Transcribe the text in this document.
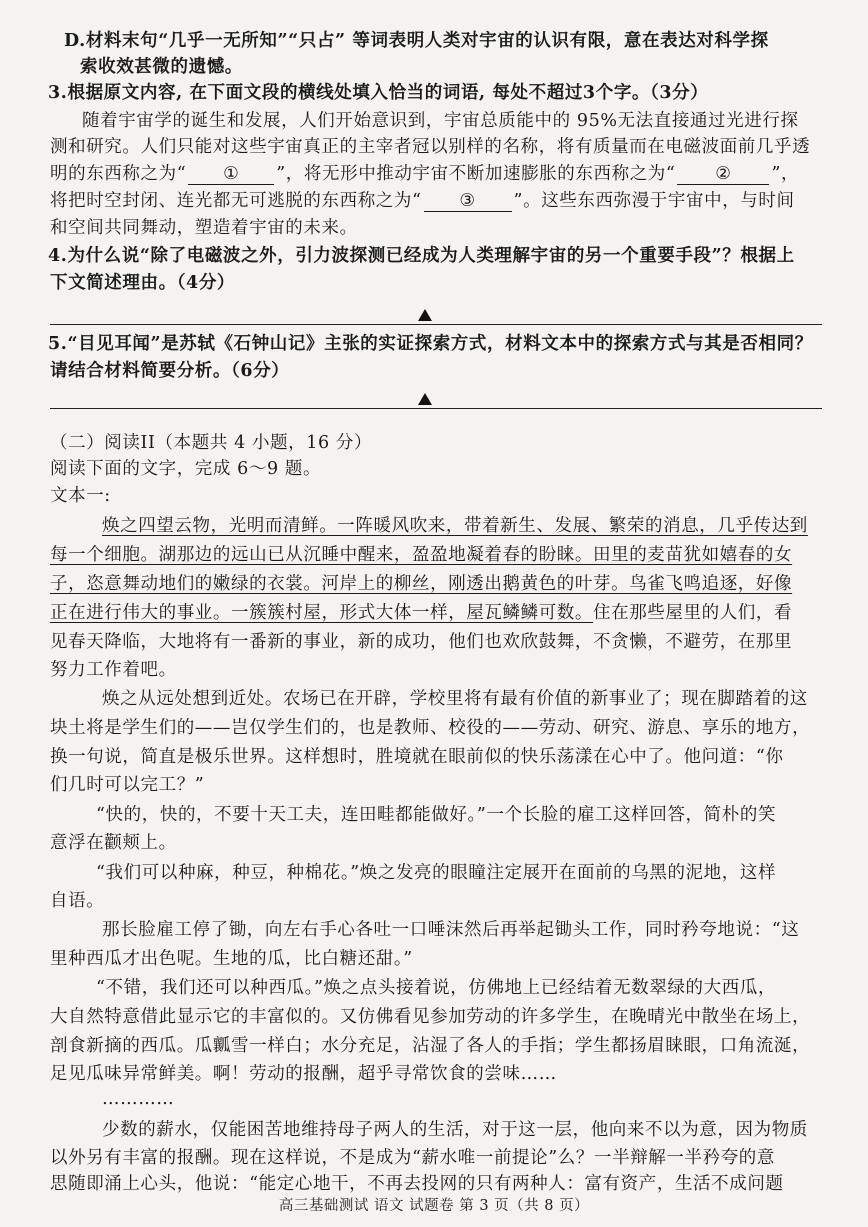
D.材料末句“几乎一无所知”“只占” 等词表明人类对宇宙的认识有限，意在表达对科学探
索收效甚微的遗憾。
3.根据原文内容, 在下面文段的横线处填入恰当的词语, 每处不超过3个字。（3分）
随着宇宙学的诞生和发展，人们开始意识到，宇宙总质能中的 95%无法直接通过光进行探
测和研究。人们只能对这些宇宙真正的主宰者冠以别样的名称，将有质量而在电磁波面前几乎透
明的东西称之为“ ① ”，将无形中推动宇宙不断加速膨胀的东西称之为“ ② ”，
将把时空封闭、连光都无可逃脱的东西称之为“ ③ ”。这些东西弥漫于宇宙中，与时间
和空间共同舞动，塑造着宇宙的未来。
4.为什么说“除了电磁波之外，引力波探测已经成为人类理解宇宙的另一个重要手段”？根据上
下文简述理由。（4分）
5.“目见耳闻”是苏轼《石钟山记》主张的实证探索方式，材料文本中的探索方式与其是否相同？
请结合材料简要分析。（6分）
（二）阅读II（本题共 4 小题，16 分）
阅读下面的文字，完成 6～9 题。
文本一:
焕之四望云物，光明而清鲜。一阵暖风吹来，带着新生、发展、繁荣的消息，几乎传达到
每一个细胞。湖那边的远山已从沉睡中醒来，盈盈地凝着春的盼睐。田里的麦苗犹如嬉春的女
子，恣意舞动地们的嫩绿的衣裳。河岸上的柳丝，刚透出鹅黄色的叶芽。鸟雀飞鸣追逐，好像
正在进行伟大的事业。一簇簇村屋，形式大体一样，屋瓦鳞鳞可数。住在那些屋里的人们，看
见春天降临，大地将有一番新的事业，新的成功，他们也欢欣鼓舞，不贪懒，不避劳，在那里
努力工作着吧。
焕之从远处想到近处。农场已在开辟，学校里将有最有价值的新事业了；现在脚踏着的这
块土将是学生们的——岂仅学生们的，也是教师、校役的——劳动、研究、游息、享乐的地方，
换一句说，简直是极乐世界。这样想时，胜境就在眼前似的快乐荡漾在心中了。他问道：“你
们几时可以完工？”
“快的，快的，不要十天工夫，连田畦都能做好。”一个长脸的雇工这样回答，简朴的笑
意浮在颧颊上。
“我们可以种麻，种豆，种棉花。”焕之发亮的眼瞳注定展开在面前的乌黑的泥地，这样
自语。
那长脸雇工停了锄，向左右手心各吐一口唾沫然后再举起锄头工作，同时矜夸地说：“这
里种西瓜才出色呢。生地的瓜，比白糖还甜。”
“不错，我们还可以种西瓜。”焕之点头接着说，仿佛地上已经结着无数翠绿的大西瓜，
大自然特意借此显示它的丰富似的。又仿佛看见参加劳动的许多学生，在晚晴光中散坐在场上，
剖食新摘的西瓜。瓜瓤雪一样白；水分充足，沾湿了各人的手指；学生都扬眉睐眼，口角流涎，
足见瓜味异常鲜美。啊！劳动的报酬，超乎寻常饮食的尝味……
…………
少数的薪水，仅能困苦地维持母子两人的生活，对于这一层，他向来不以为意，因为物质
以外另有丰富的报酬。现在这样说，不是成为“薪水唯一前提论”么？一半辩解一半矜夸的意
思随即涌上心头，他说：“能定心地干，不再去投网的只有两种人：富有资产，生活不成问题
高三基础测试 语文 试题卷 第 3 页（共 8 页）
